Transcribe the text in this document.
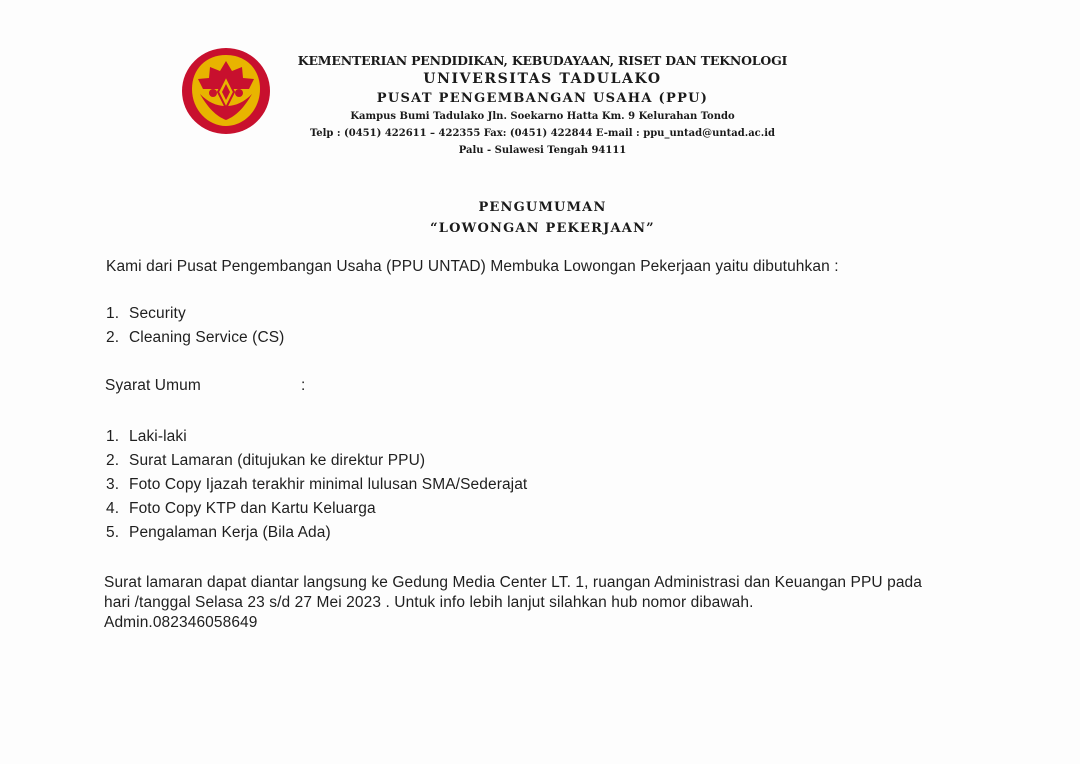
KEMENTERIAN PENDIDIKAN, KEBUDAYAAN, RISET DAN TEKNOLOGI
UNIVERSITAS TADULAKO
PUSAT PENGEMBANGAN USAHA (PPU)
Kampus Bumi Tadulako Jln. Soekarno Hatta Km. 9 Kelurahan Tondo
Telp : (0451) 422611 – 422355 Fax: (0451) 422844 E-mail : ppu_untad@untad.ac.id
Palu - Sulawesi Tengah 94111
PENGUMUMAN
“LOWONGAN PEKERJAAN”
Kami dari Pusat Pengembangan Usaha (PPU UNTAD) Membuka Lowongan Pekerjaan yaitu dibutuhkan :
1. Security
2. Cleaning Service (CS)
Syarat Umum	:
1. Laki-laki
2. Surat Lamaran (ditujukan ke direktur PPU)
3. Foto Copy Ijazah terakhir minimal lulusan SMA/Sederajat
4. Foto Copy KTP dan Kartu Keluarga
5. Pengalaman Kerja (Bila Ada)

Surat lamaran dapat diantar langsung ke Gedung Media Center LT. 1, ruangan Administrasi dan Keuangan PPU pada

hari /tanggal Selasa 23 s/d 27 Mei 2023 . Untuk info lebih lanjut silahkan hub nomor dibawah.

Admin.082346058649
